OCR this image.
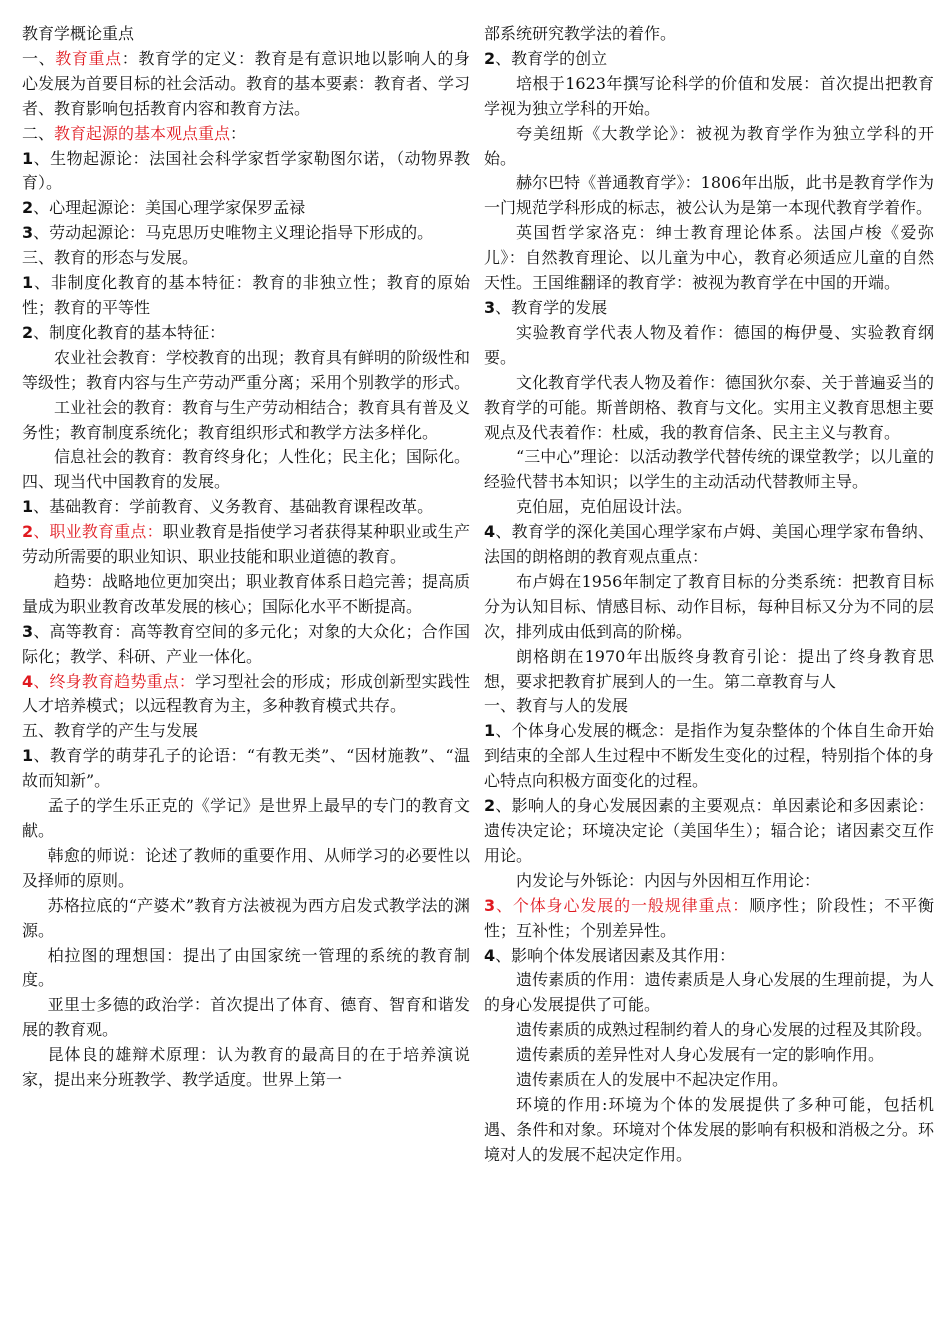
教育学概论重点

一、教育重点：教育学的定义：教育是有意识地以影响人的身心发展为首要目标的社会活动。教育的基本要素：教育者、学习者、教育影响包括教育内容和教育方法。

二、教育起源的基本观点重点：

1、生物起源论：法国社会科学家哲学家勒图尔诺，（动物界教育）。

2、心理起源论：美国心理学家保罗孟禄

3、劳动起源论：马克思历史唯物主义理论指导下形成的。

三、教育的形态与发展。

1、非制度化教育的基本特征：教育的非独立性；教育的原始性；教育的平等性

2、制度化教育的基本特征：

农业社会教育：学校教育的出现；教育具有鲜明的阶级性和等级性；教育内容与生产劳动严重分离；采用个别教学的形式。

工业社会的教育：教育与生产劳动相结合；教育具有普及义务性；教育制度系统化；教育组织形式和教学方法多样化。

信息社会的教育：教育终身化；人性化；民主化；国际化。

四、现当代中国教育的发展。

1、基础教育：学前教育、义务教育、基础教育课程改革。

2、职业教育重点：职业教育是指使学习者获得某种职业或生产劳动所需要的职业知识、职业技能和职业道德的教育。

趋势：战略地位更加突出；职业教育体系日趋完善；提高质量成为职业教育改革发展的核心；国际化水平不断提高。

3、高等教育：高等教育空间的多元化；对象的大众化；合作国际化；教学、科研、产业一体化。

4、终身教育趋势重点：学习型社会的形成；形成创新型实践性人才培养模式；以远程教育为主，多种教育模式共存。

五、教育学的产生与发展

1、教育学的萌芽孔子的论语：“有教无类”、“因材施教”、“温故而知新”。

孟子的学生乐正克的《学记》是世界上最早的专门的教育文献。

韩愈的师说：论述了教师的重要作用、从师学习的必要性以及择师的原则。

苏格拉底的“产婆术”教育方法被视为西方启发式教学法的渊源。

柏拉图的理想国：提出了由国家统一管理的系统的教育制度。

亚里士多德的政治学：首次提出了体育、德育、智育和谐发展的教育观。

昆体良的雄辩术原理：认为教育的最高目的在于培养演说家，提出来分班教学、教学适度。世界上第一

部系统研究教学法的着作。

2、教育学的创立

培根于1623年撰写论科学的价值和发展：首次提出把教育学视为独立学科的开始。

夸美纽斯《大教学论》：被视为教育学作为独立学科的开始。

赫尔巴特《普通教育学》：1806年出版，此书是教育学作为一门规范学科形成的标志，被公认为是第一本现代教育学着作。

英国哲学家洛克：绅士教育理论体系。法国卢梭《爱弥儿》：自然教育理论、以儿童为中心，教育必须适应儿童的自然天性。王国维翻译的教育学：被视为教育学在中国的开端。

3、教育学的发展

实验教育学代表人物及着作：德国的梅伊曼、实验教育纲要。

文化教育学代表人物及着作：德国狄尔泰、关于普遍妥当的教育学的可能。斯普朗格、教育与文化。实用主义教育思想主要观点及代表着作：杜威，我的教育信条、民主主义与教育。

“三中心”理论：以活动教学代替传统的课堂教学；以儿童的经验代替书本知识；以学生的主动活动代替教师主导。

克伯屈，克伯屈设计法。

4、教育学的深化美国心理学家布卢姆、美国心理学家布鲁纳、法国的朗格朗的教育观点重点：

布卢姆在1956年制定了教育目标的分类系统：把教育目标分为认知目标、情感目标、动作目标，每种目标又分为不同的层次，排列成由低到高的阶梯。

朗格朗在1970年出版终身教育引论：提出了终身教育思想，要求把教育扩展到人的一生。第二章教育与人

一、教育与人的发展

1、个体身心发展的概念：是指作为复杂整体的个体自生命开始到结束的全部人生过程中不断发生变化的过程，特别指个体的身心特点向积极方面变化的过程。

2、影响人的身心发展因素的主要观点：单因素论和多因素论：遗传决定论；环境决定论（美国华生）；辐合论；诸因素交互作用论。

内发论与外铄论：内因与外因相互作用论：

3、个体身心发展的一般规律重点：顺序性；阶段性；不平衡性；互补性；个别差异性。

4、影响个体发展诸因素及其作用：

遗传素质的作用：遗传素质是人身心发展的生理前提，为人的身心发展提供了可能。

遗传素质的成熟过程制约着人的身心发展的过程及其阶段。

遗传素质的差异性对人身心发展有一定的影响作用。

遗传素质在人的发展中不起决定作用。

环境的作用:环境为个体的发展提供了多种可能，包括机遇、条件和对象。环境对个体发展的影响有积极和消极之分。环境对人的发展不起决定作用。
